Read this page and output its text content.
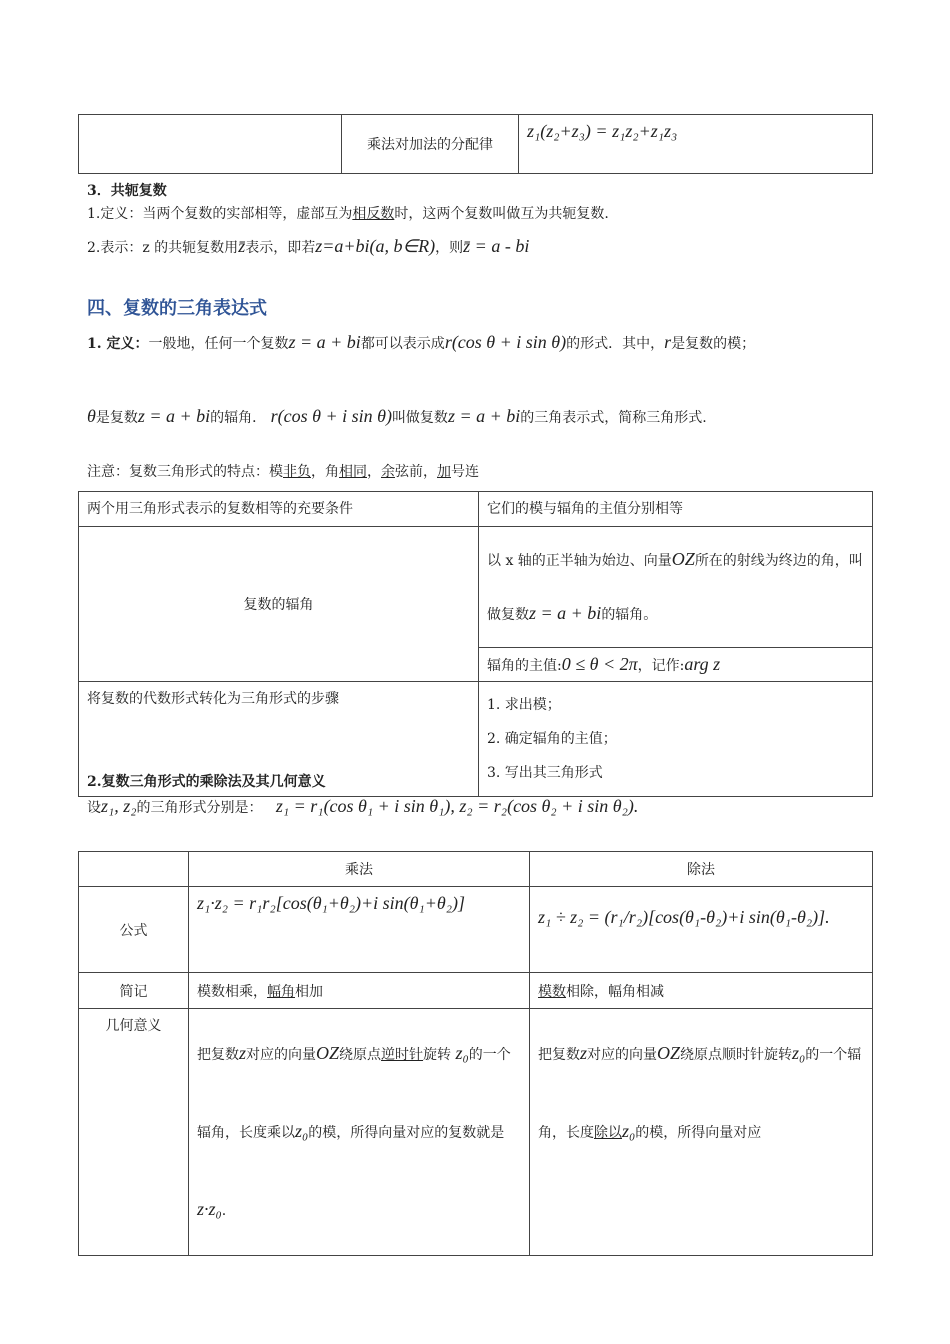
	乘法对加法的分配律	z₁(z₂+z₃) = z₁z₂+z₁z₃
3．共轭复数
1.定义：当两个复数的实部相等，虚部互为相反数时，这两个复数叫做互为共轭复数.
2.表示：z 的共轭复数用z̄表示，即若z=a+bi(a, b∈R)，则z̄ = a - bi
四、复数的三角表达式
1. 定义：一般地，任何一个复数z = a + bi都可以表示成r(cos θ + i sin θ)的形式．其中，r是复数的模；
θ是复数z = a + bi的辐角． r(cos θ + i sin θ)叫做复数z = a + bi的三角表示式，简称三角形式.
注意：复数三角形式的特点：模非负，角相同，余弦前，加号连
两个用三角形式表示的复数相等的充要条件	它们的模与辐角的主值分别相等
复数的辐角	以 x 轴的正半轴为始边、向量OZ所在的射线为终边的角，叫做复数z = a + bi的辐角。
	辐角的主值:0 ≤ θ < 2π，记作:arg z
将复数的代数形式转化为三角形式的步骤	1. 求出模；

2. 确定辐角的主值；

3. 写出其三角形式

2.复数三角形式的乘除法及其几何意义
设z₁, z₂的三角形式分别是： z₁ = r₁(cos θ₁ + i sin θ₁), z₂ = r₂(cos θ₂ + i sin θ₂).
	乘法	除法
公式	z₁·z₂ = r₁r₂[cos(θ₁+θ₂)+i sin(θ₁+θ₂)]	z₁ ÷ z₂ = (r₁/r₂)[cos(θ₁-θ₂)+i sin(θ₁-θ₂)].
简记	模数相乘，幅角相加	模数相除，幅角相减
几何意义	把复数z对应的向量OZ绕原点逆时针旋转 z₀的一个辐角，长度乘以z₀的模，所得向量对应的复数就是z·z₀.	把复数z对应的向量OZ绕原点顺时针旋转z₀的一个辐角，长度除以z₀的模，所得向量对应
